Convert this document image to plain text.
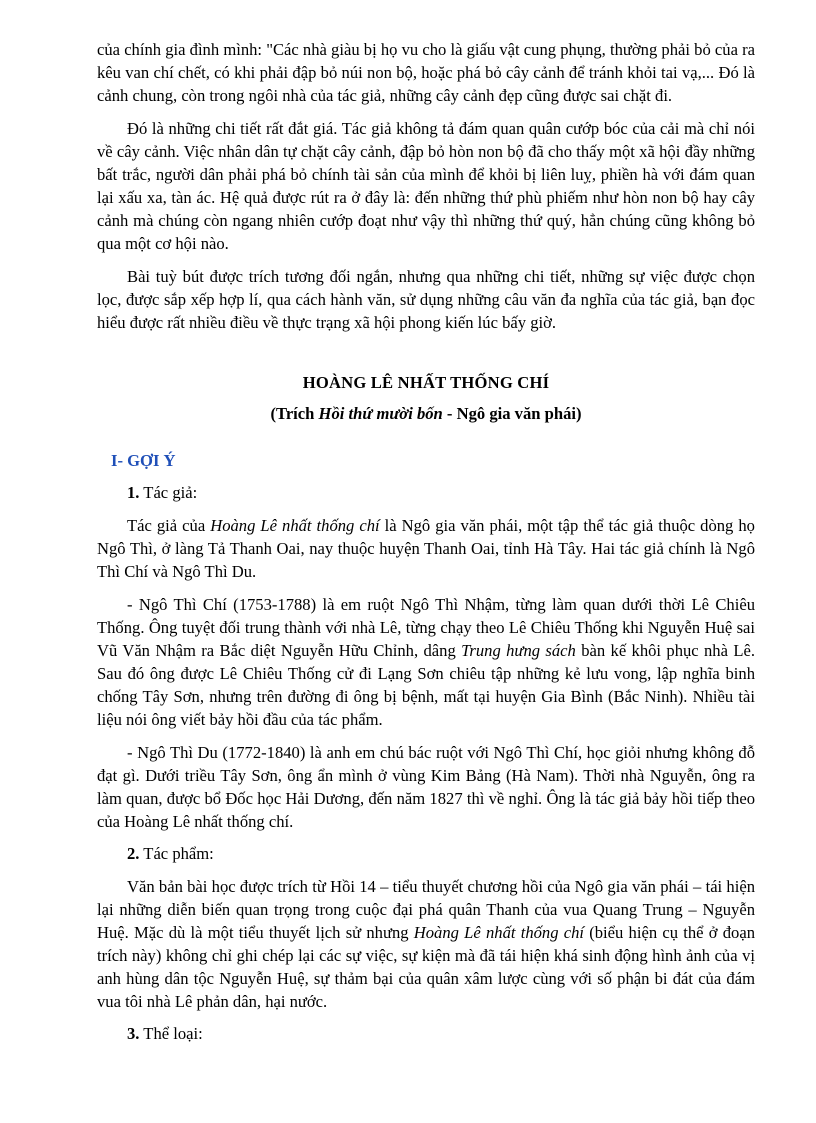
của chính gia đình mình: "Các nhà giàu bị họ vu cho là giấu vật cung phụng, thường phải bỏ của ra kêu van chí chết, có khi phải đập bỏ núi non bộ, hoặc phá bỏ cây cảnh để tránh khỏi tai vạ,... Đó là cảnh chung, còn trong ngôi nhà của tác giả, những cây cảnh đẹp cũng được sai chặt đi.

Đó là những chi tiết rất đắt giá. Tác giả không tả đám quan quân cướp bóc của cải mà chỉ nói về cây cảnh. Việc nhân dân tự chặt cây cảnh, đập bỏ hòn non bộ đã cho thấy một xã hội đầy những bất trắc, người dân phải phá bỏ chính tài sản của mình để khỏi bị liên luỵ, phiền hà với đám quan lại xấu xa, tàn ác. Hệ quả được rút ra ở đây là: đến những thứ phù phiếm như hòn non bộ hay cây cảnh mà chúng còn ngang nhiên cướp đoạt như vậy thì những thứ quý, hẳn chúng cũng không bỏ qua một cơ hội nào.

Bài tuỳ bút được trích tương đối ngắn, nhưng qua những chi tiết, những sự việc được chọn lọc, được sắp xếp hợp lí, qua cách hành văn, sử dụng những câu văn đa nghĩa của tác giả, bạn đọc hiểu được rất nhiều điều về thực trạng xã hội phong kiến lúc bấy giờ.

HOÀNG LÊ NHẤT THỐNG CHÍ
(Trích Hồi thứ mười bốn - Ngô gia văn phái)
I- GỢI Ý
1. Tác giả:

Tác giả của Hoàng Lê nhất thống chí là Ngô gia văn phái, một tập thể tác giả thuộc dòng họ Ngô Thì, ở làng Tả Thanh Oai, nay thuộc huyện Thanh Oai, tỉnh Hà Tây. Hai tác giả chính là Ngô Thì Chí và Ngô Thì Du.

- Ngô Thì Chí (1753-1788) là em ruột Ngô Thì Nhậm, từng làm quan dưới thời Lê Chiêu Thống. Ông tuyệt đối trung thành với nhà Lê, từng chạy theo Lê Chiêu Thống khi Nguyễn Huệ sai Vũ Văn Nhậm ra Bắc diệt Nguyễn Hữu Chỉnh, dâng Trung hưng sách bàn kế khôi phục nhà Lê. Sau đó ông được Lê Chiêu Thống cử đi Lạng Sơn chiêu tập những kẻ lưu vong, lập nghĩa binh chống Tây Sơn, nhưng trên đường đi ông bị bệnh, mất tại huyện Gia Bình (Bắc Ninh). Nhiều tài liệu nói ông viết bảy hồi đầu của tác phẩm.

- Ngô Thì Du (1772-1840) là anh em chú bác ruột với Ngô Thì Chí, học giỏi nhưng không đỗ đạt gì. Dưới triều Tây Sơn, ông ẩn mình ở vùng Kim Bảng (Hà Nam). Thời nhà Nguyễn, ông ra làm quan, được bổ Đốc học Hải Dương, đến năm 1827 thì về nghỉ. Ông là tác giả bảy hồi tiếp theo của Hoàng Lê nhất thống chí.

2. Tác phẩm:

Văn bản bài học được trích từ Hồi 14 – tiểu thuyết chương hồi của Ngô gia văn phái – tái hiện lại những diễn biến quan trọng trong cuộc đại phá quân Thanh của vua Quang Trung – Nguyễn Huệ. Mặc dù là một tiểu thuyết lịch sử nhưng Hoàng Lê nhất thống chí (biểu hiện cụ thể ở đoạn trích này) không chỉ ghi chép lại các sự việc, sự kiện mà đã tái hiện khá sinh động hình ảnh của vị anh hùng dân tộc Nguyễn Huệ, sự thảm bại của quân xâm lược cùng với số phận bi đát của đám vua tôi nhà Lê phản dân, hại nước.

3. Thể loại:
